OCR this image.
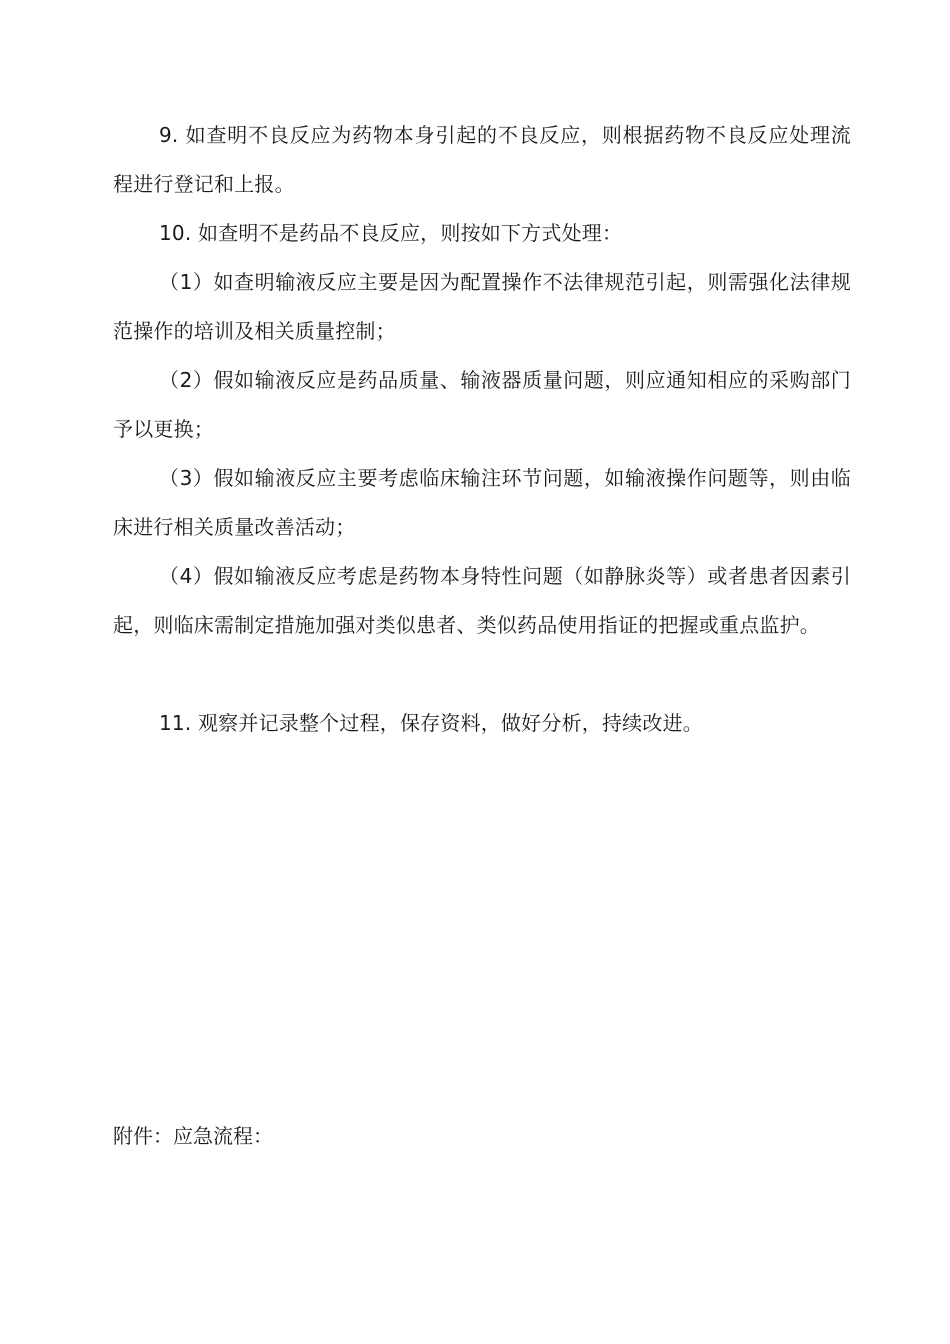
9. 如查明不良反应为药物本身引起的不良反应，则根据药物不良反应处理流程进行登记和上报。

10. 如查明不是药品不良反应，则按如下方式处理：

（1）如查明输液反应主要是因为配置操作不法律规范引起，则需强化法律规范操作的培训及相关质量控制；

（2）假如输液反应是药品质量、输液器质量问题，则应通知相应的采购部门予以更换；

（3）假如输液反应主要考虑临床输注环节问题，如输液操作问题等，则由临床进行相关质量改善活动；

（4）假如输液反应考虑是药物本身特性问题（如静脉炎等）或者患者因素引起，则临床需制定措施加强对类似患者、类似药品使用指证的把握或重点监护。

11. 观察并记录整个过程，保存资料，做好分析，持续改进。

附件：应急流程：
